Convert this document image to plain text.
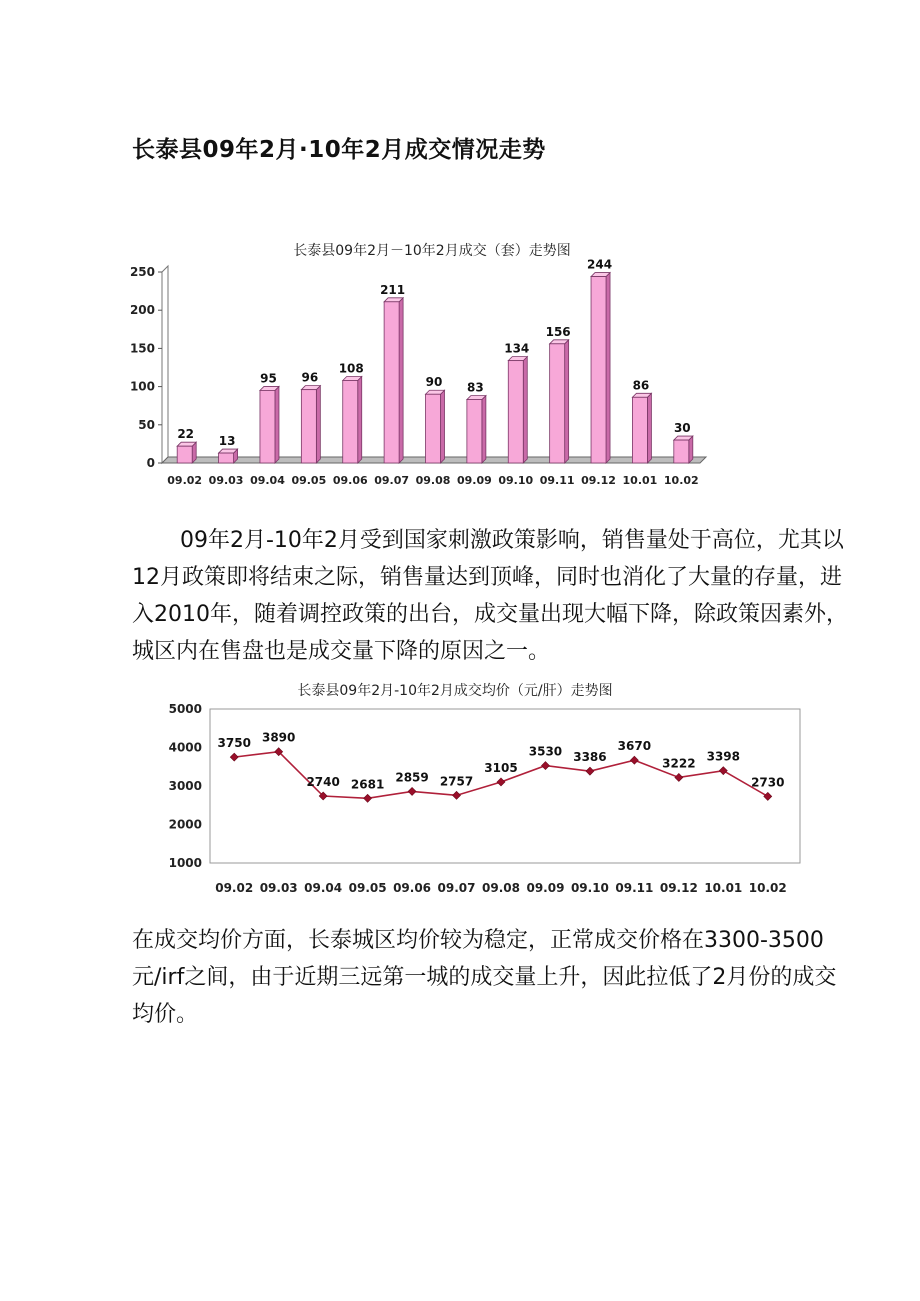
长泰县09年2月·10年2月成交情况走势
长泰县09年2月－10年2月成交（套）走势图
0
50
100
150
200
250
22
09.02
13
09.03
95
09.04
96
09.05
108
09.06
211
09.07
90
09.08
83
09.09
134
09.10
156
09.11
244
09.12
86
10.01
30
10.02

09年2月-10年2月受到国家刺激政策影响，销售量处于高位，尤其以12月政策即将结束之际，销售量达到顶峰，同时也消化了大量的存量，进入2010年，随着调控政策的出台，成交量出现大幅下降，除政策因素外，城区内在售盘也是成交量下降的原因之一。

长泰县09年2月-10年2月成交均价（元/肝）走势图
5000
4000
3000
2000
1000
3750
09.02
3890
09.03
2740
09.04
2681
09.05
2859
09.06
2757
09.07
3105
09.08
3530
09.09
3386
09.10
3670
09.11
3222
09.12
3398
10.01
2730
10.02

在成交均价方面，长泰城区均价较为稳定，正常成交价格在3300-3500元/irf之间，由于近期三远第一城的成交量上升，因此拉低了2月份的成交均价。
